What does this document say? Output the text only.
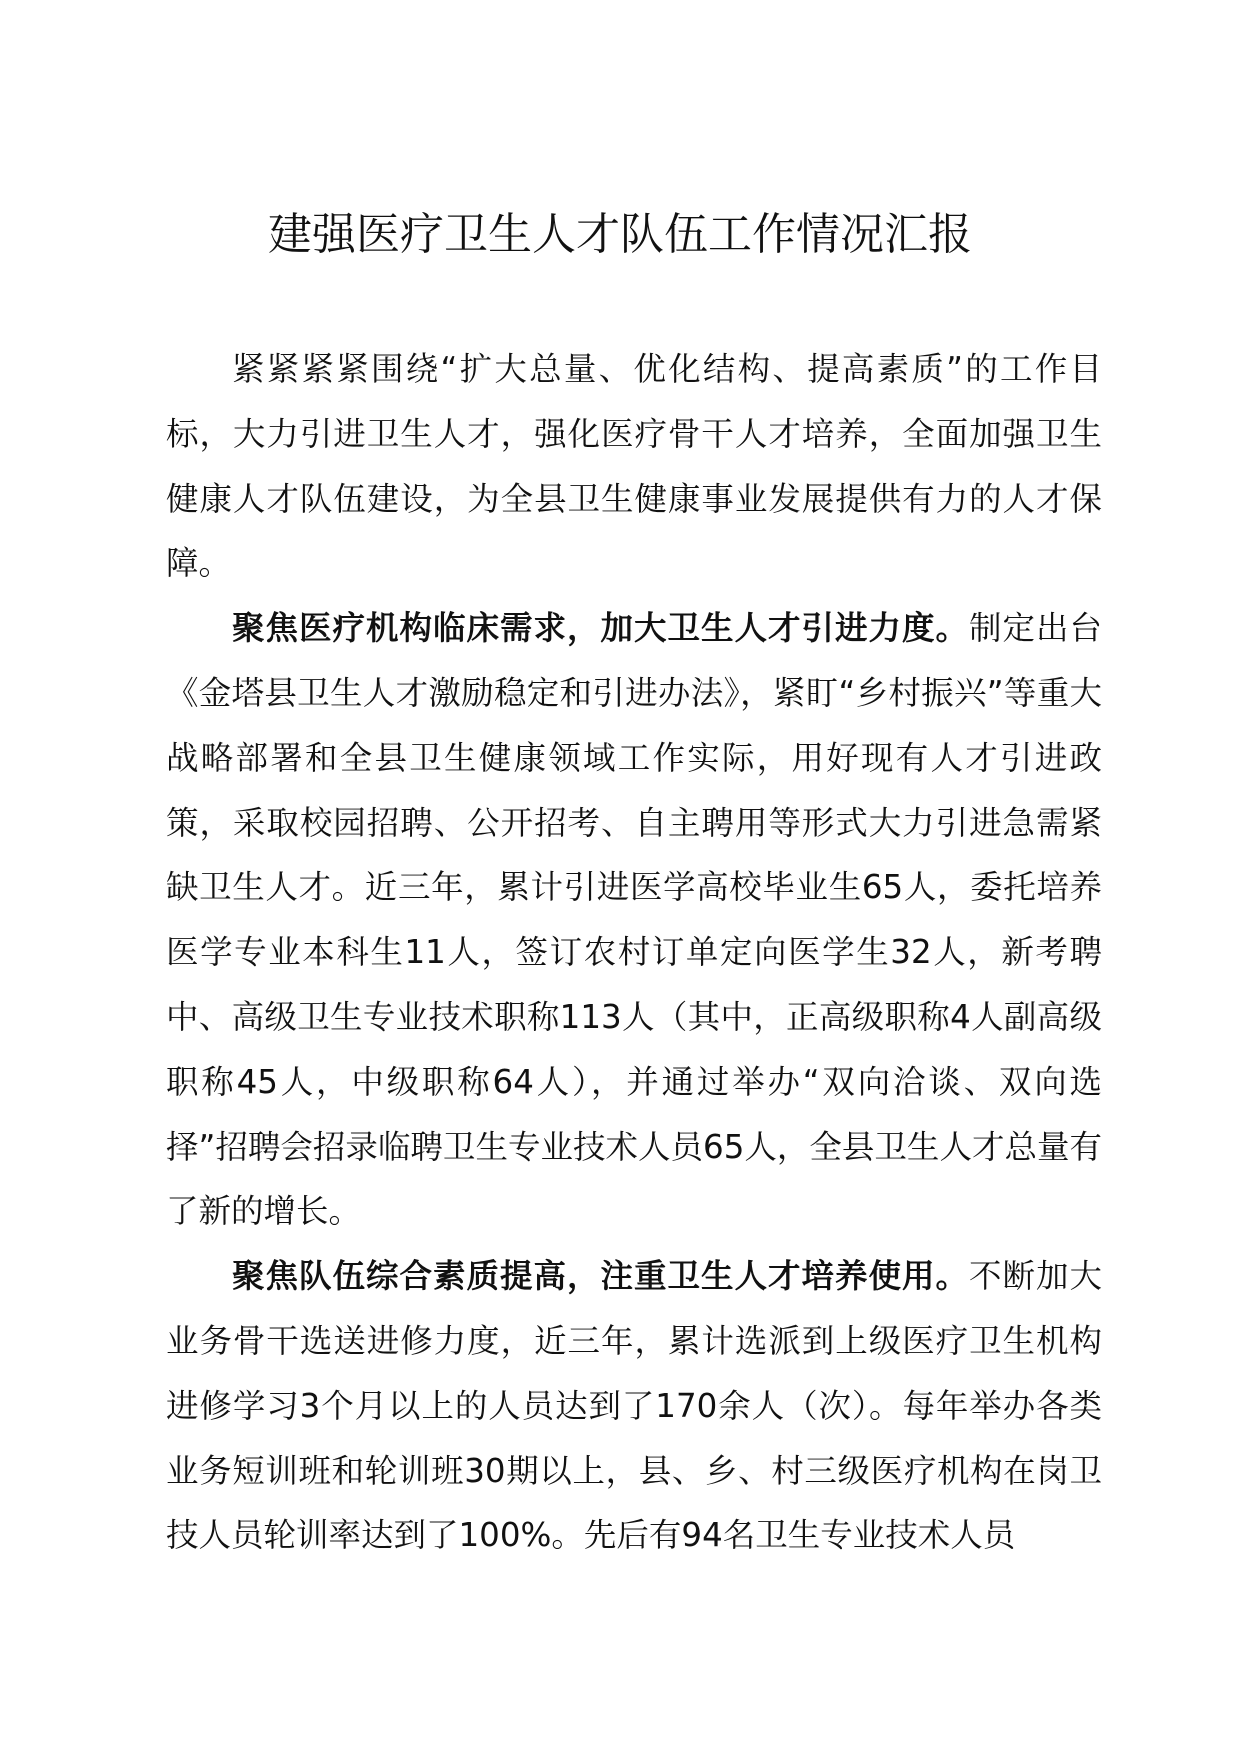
建强医疗卫生人才队伍工作情况汇报

紧紧紧紧围绕“扩大总量、优化结构、提高素质”的工作目标，大力引进卫生人才，强化医疗骨干人才培养，全面加强卫生健康人才队伍建设，为全县卫生健康事业发展提供有力的人才保障。

聚焦医疗机构临床需求，加大卫生人才引进力度。制定出台《金塔县卫生人才激励稳定和引进办法》，紧盯“乡村振兴”等重大战略部署和全县卫生健康领域工作实际，用好现有人才引进政策，采取校园招聘、公开招考、自主聘用等形式大力引进急需紧缺卫生人才。近三年，累计引进医学高校毕业生65人，委托培养医学专业本科生11人，签订农村订单定向医学生32人，新考聘中、高级卫生专业技术职称113人（其中，正高级职称4人副高级职称45人，中级职称64人），并通过举办“双向洽谈、双向选择”招聘会招录临聘卫生专业技术人员65人，全县卫生人才总量有了新的增长。

聚焦队伍综合素质提高，注重卫生人才培养使用。不断加大业务骨干选送进修力度，近三年，累计选派到上级医疗卫生机构进修学习3个月以上的人员达到了170余人（次）。每年举办各类业务短训班和轮训班30期以上，县、乡、村三级医疗机构在岗卫技人员轮训率达到了100%。先后有94名卫生专业技术人员
